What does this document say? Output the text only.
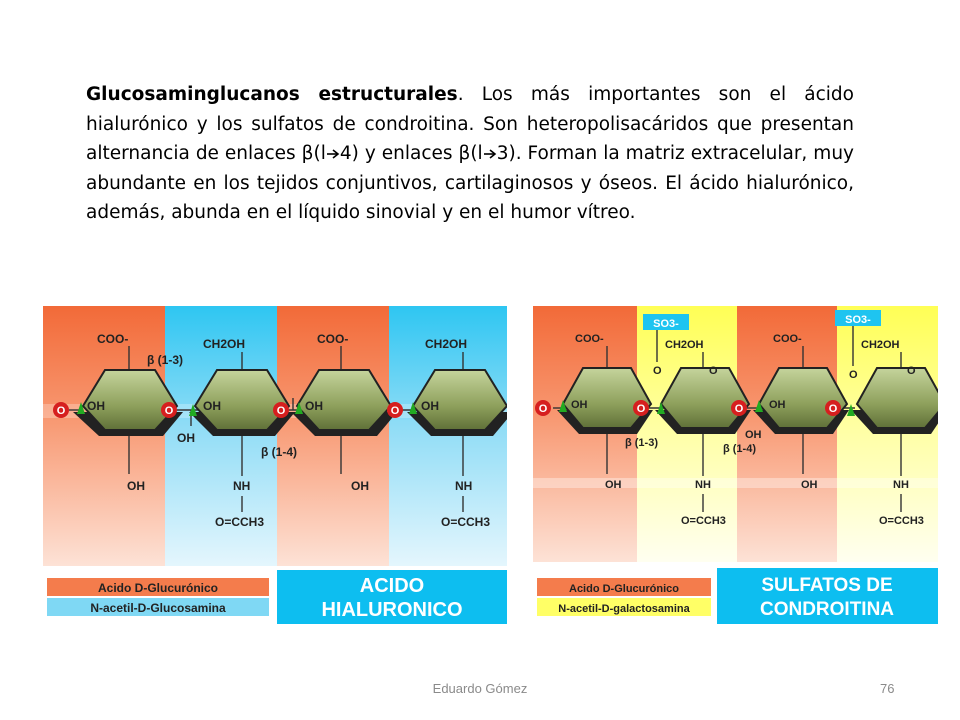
Glucosaminglucanos estructurales. Los más importantes son el ácido hialurónico y los sulfatos de condroitina. Son heteropolisacáridos que presentan alternancia de enlaces β(l 4) y enlaces β(l 3). Forman la matriz extracelular, muy abundante en los tejidos conjuntivos, cartilaginosos y óseos. El ácido hialurónico, además, abunda en el líquido sinovial y en el humor vítreo.

O	O	O	O
COO-	CH2OH	COO-	CH2OH
β (1-3)
OH	OH	OH	OH
OH
β (1-4)
OH	OH
NH	NH
O=CCH3	O=CCH3
Acido D-Glucurónico
N-acetil-D-Glucosamina
ACIDO
HIALURONICO
O	O	O	O
SO3-	SO3-
COO-	CH2OH	COO-	CH2OH
O	O
O	O
OH	OH
β (1-3)	β (1-4)
OH
OH	OH
NH	NH
O=CCH3	O=CCH3
Acido D-Glucurónico
N-acetil-D-galactosamina
SULFATOS DE
CONDROITINA
Eduardo Gómez	76
